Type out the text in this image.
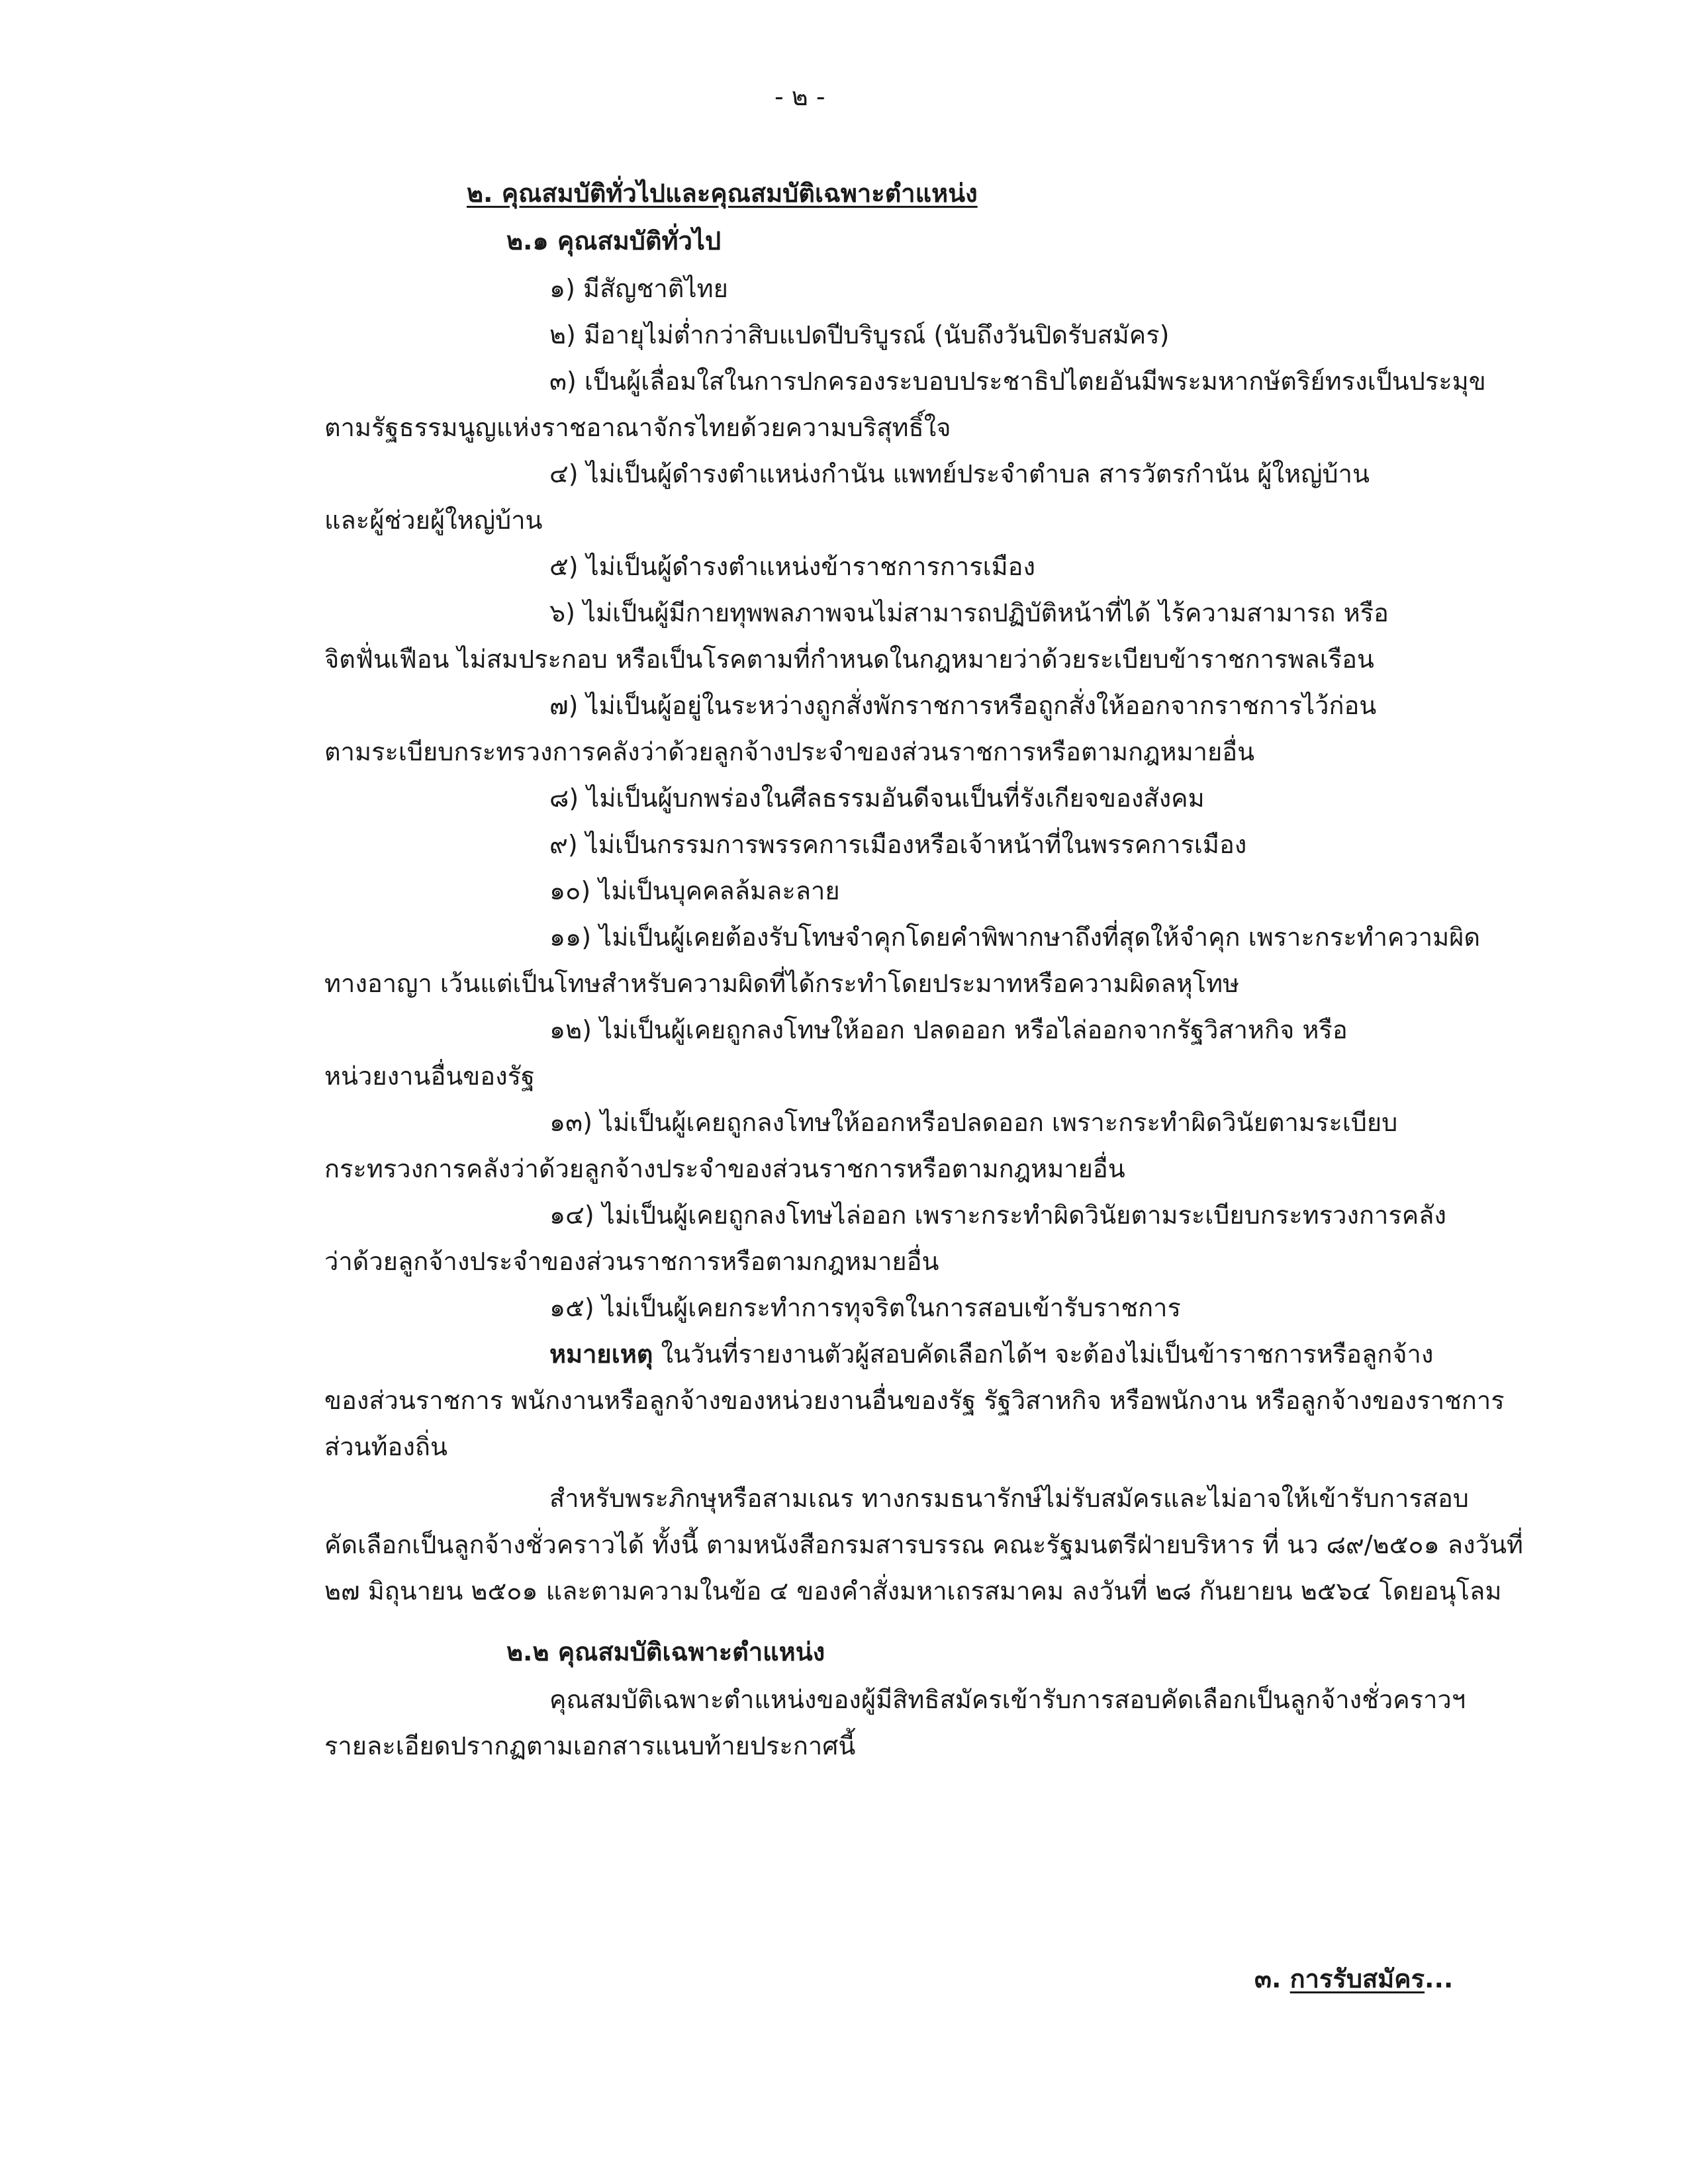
- ๒ -
๒. คุณสมบัติทั่วไปและคุณสมบัติเฉพาะตำแหน่ง
๒.๑ คุณสมบัติทั่วไป
๑) มีสัญชาติไทย
๒) มีอายุไม่ต่ำกว่าสิบแปดปีบริบูรณ์ (นับถึงวันปิดรับสมัคร)
๓) เป็นผู้เลื่อมใสในการปกครองระบอบประชาธิปไตยอันมีพระมหากษัตริย์ทรงเป็นประมุข
ตามรัฐธรรมนูญแห่งราชอาณาจักรไทยด้วยความบริสุทธิ์ใจ
๔) ไม่เป็นผู้ดำรงตำแหน่งกำนัน แพทย์ประจำตำบล สารวัตรกำนัน ผู้ใหญ่บ้าน
และผู้ช่วยผู้ใหญ่บ้าน
๕) ไม่เป็นผู้ดำรงตำแหน่งข้าราชการการเมือง
๖) ไม่เป็นผู้มีกายทุพพลภาพจนไม่สามารถปฏิบัติหน้าที่ได้ ไร้ความสามารถ หรือ
จิตฟั่นเฟือน ไม่สมประกอบ หรือเป็นโรคตามที่กำหนดในกฎหมายว่าด้วยระเบียบข้าราชการพลเรือน
๗) ไม่เป็นผู้อยู่ในระหว่างถูกสั่งพักราชการหรือถูกสั่งให้ออกจากราชการไว้ก่อน
ตามระเบียบกระทรวงการคลังว่าด้วยลูกจ้างประจำของส่วนราชการหรือตามกฎหมายอื่น
๘) ไม่เป็นผู้บกพร่องในศีลธรรมอันดีจนเป็นที่รังเกียจของสังคม
๙) ไม่เป็นกรรมการพรรคการเมืองหรือเจ้าหน้าที่ในพรรคการเมือง
๑๐) ไม่เป็นบุคคลล้มละลาย
๑๑) ไม่เป็นผู้เคยต้องรับโทษจำคุกโดยคำพิพากษาถึงที่สุดให้จำคุก เพราะกระทำความผิด
ทางอาญา เว้นแต่เป็นโทษสำหรับความผิดที่ได้กระทำโดยประมาทหรือความผิดลหุโทษ
๑๒) ไม่เป็นผู้เคยถูกลงโทษให้ออก ปลดออก หรือไล่ออกจากรัฐวิสาหกิจ หรือ
หน่วยงานอื่นของรัฐ
๑๓) ไม่เป็นผู้เคยถูกลงโทษให้ออกหรือปลดออก เพราะกระทำผิดวินัยตามระเบียบ
กระทรวงการคลังว่าด้วยลูกจ้างประจำของส่วนราชการหรือตามกฎหมายอื่น
๑๔) ไม่เป็นผู้เคยถูกลงโทษไล่ออก เพราะกระทำผิดวินัยตามระเบียบกระทรวงการคลัง
ว่าด้วยลูกจ้างประจำของส่วนราชการหรือตามกฎหมายอื่น
๑๕) ไม่เป็นผู้เคยกระทำการทุจริตในการสอบเข้ารับราชการ
หมายเหตุ ในวันที่รายงานตัวผู้สอบคัดเลือกได้ฯ จะต้องไม่เป็นข้าราชการหรือลูกจ้าง
ของส่วนราชการ พนักงานหรือลูกจ้างของหน่วยงานอื่นของรัฐ รัฐวิสาหกิจ หรือพนักงาน หรือลูกจ้างของราชการ
ส่วนท้องถิ่น
สำหรับพระภิกษุหรือสามเณร ทางกรมธนารักษ์ไม่รับสมัครและไม่อาจให้เข้ารับการสอบ
คัดเลือกเป็นลูกจ้างชั่วคราวได้ ทั้งนี้ ตามหนังสือกรมสารบรรณ คณะรัฐมนตรีฝ่ายบริหาร ที่ นว ๘๙/๒๕๐๑ ลงวันที่
๒๗ มิถุนายน ๒๕๐๑ และตามความในข้อ ๔ ของคำสั่งมหาเถรสมาคม ลงวันที่ ๒๘ กันยายน ๒๕๖๔ โดยอนุโลม
๒.๒ คุณสมบัติเฉพาะตำแหน่ง
คุณสมบัติเฉพาะตำแหน่งของผู้มีสิทธิสมัครเข้ารับการสอบคัดเลือกเป็นลูกจ้างชั่วคราวฯ
รายละเอียดปรากฏตามเอกสารแนบท้ายประกาศนี้
๓. การรับสมัคร...
